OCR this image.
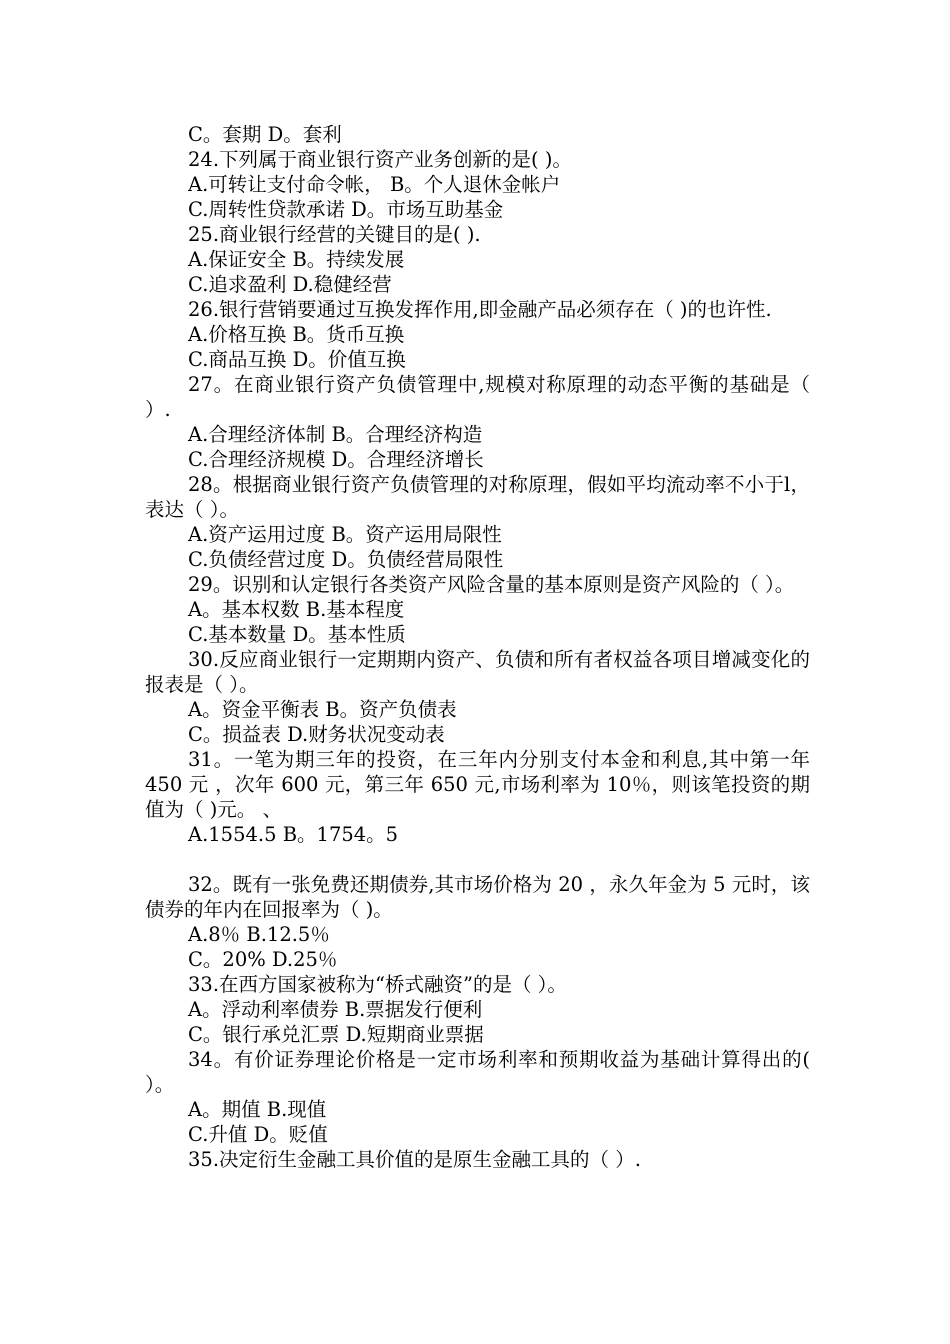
C。套期 D。套利

24.下列属于商业银行资产业务创新的是( )。

A.可转让支付命令帐， B。个人退休金帐户

C.周转性贷款承诺 D。市场互助基金

25.商业银行经营的关键目的是( ).

A.保证安全 B。持续发展

C.追求盈利 D.稳健经营

26.银行营销要通过互换发挥作用,即金融产品必须存在（ )的也许性.

A.价格互换 B。货币互换

C.商品互换 D。价值互换

27。在商业银行资产负债管理中,规模对称原理的动态平衡的基础是（ ）.

A.合理经济体制 B。合理经济构造

C.合理经济规模 D。合理经济增长

28。根据商业银行资产负债管理的对称原理，假如平均流动率不小于l，表达（ ）。

A.资产运用过度 B。资产运用局限性

C.负债经营过度 D。负债经营局限性

29。识别和认定银行各类资产风险含量的基本原则是资产风险的（ ）。

A。基本权数 B.基本程度

C.基本数量 D。基本性质

30.反应商业银行一定期期内资产、负债和所有者权益各项目增减变化的报表是（ ）。

A。资金平衡表 B。资产负债表

C。损益表 D.财务状况变动表

31。一笔为期三年的投资，在三年内分别支付本金和利息,其中第一年 450 元 ，次年 600 元，第三年 650 元,市场利率为 10％，则该笔投资的期值为（ )元。 、

A.1554.5 B。1754。5

32。既有一张免费还期债券,其市场价格为 20 ，永久年金为 5 元时，该债券的年内在回报率为（ )。

A.8％ B.12.5％

C。20% D.25％

33.在西方国家被称为“桥式融资”的是（ ）。

A。浮动利率债券 B.票据发行便利

C。银行承兑汇票 D.短期商业票据

34。有价证券理论价格是一定市场利率和预期收益为基础计算得出的( ）。

A。期值 B.现值

C.升值 D。贬值

35.决定衍生金融工具价值的是原生金融工具的（ ）.
